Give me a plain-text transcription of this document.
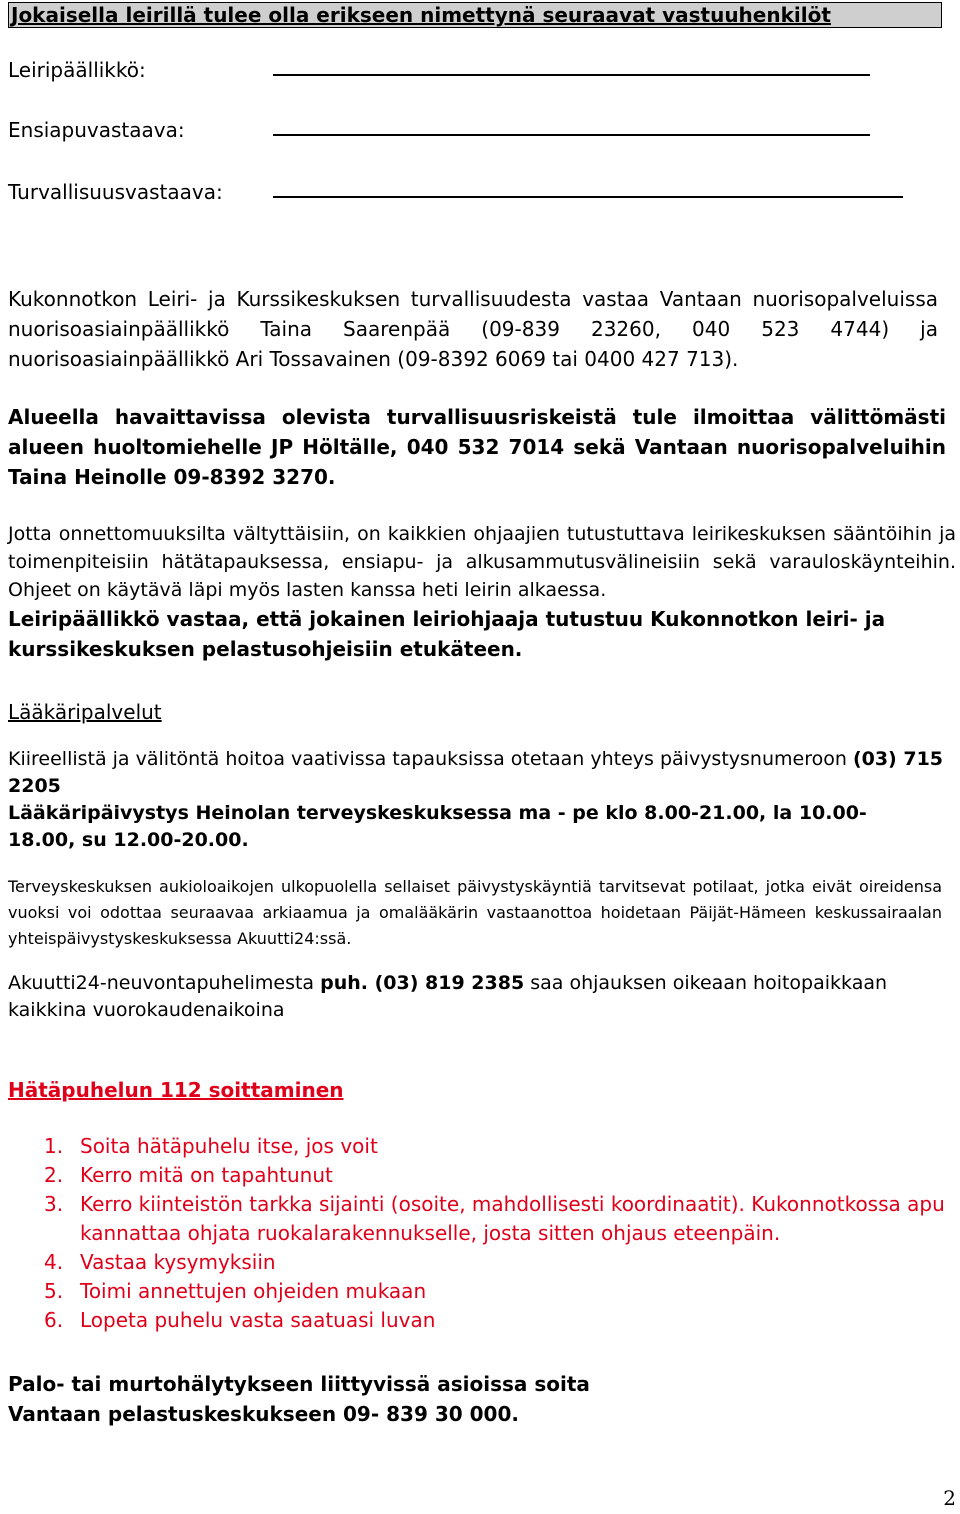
Jokaisella leirillä tulee olla erikseen nimettynä seuraavat vastuuhenkilöt
Leiripäällikkö:
Ensiapuvastaava:
Turvallisuusvastaava:

Kukonnotkon Leiri- ja Kurssikeskuksen turvallisuudesta vastaa Vantaan nuorisopalveluissa nuorisoasiainpäällikkö Taina Saarenpää (09-839 23260, 040 523 4744) ja nuorisoasiainpäällikkö Ari Tossavainen (09-8392 6069 tai 0400 427 713).

Alueella havaittavissa olevista turvallisuusriskeistä tule ilmoittaa välittömästi alueen huoltomiehelle JP Höltälle, 040 532 7014 sekä Vantaan nuorisopalveluihin Taina Heinolle 09-8392 3270.

Jotta onnettomuuksilta vältyttäisiin, on kaikkien ohjaajien tutustuttava leirikeskuksen sääntöihin ja toimenpiteisiin hätätapauksessa, ensiapu- ja alkusammutusvälineisiin sekä varauloskäynteihin. Ohjeet on käytävä läpi myös lasten kanssa heti leirin alkaessa.

Leiripäällikkö vastaa, että jokainen leiriohjaaja tutustuu Kukonnotkon leiri- ja kurssikeskuksen pelastusohjeisiin etukäteen.

Lääkäripalvelut

Kiireellistä ja välitöntä hoitoa vaativissa tapauksissa otetaan yhteys päivystysnumeroon (03) 715 2205

Lääkäripäivystys Heinolan terveyskeskuksessa ma - pe klo 8.00-21.00, la 10.00-18.00, su 12.00-20.00.

Terveyskeskuksen aukioloaikojen ulkopuolella sellaiset päivystyskäyntiä tarvitsevat potilaat, jotka eivät oireidensa vuoksi voi odottaa seuraavaa arkiaamua ja omalääkärin vastaanottoa hoidetaan Päijät-Hämeen keskussairaalan yhteispäivystyskeskuksessa Akuutti24:ssä.

Akuutti24-neuvontapuhelimesta puh. (03) 819 2385 saa ohjauksen oikeaan hoitopaikkaan kaikkina vuorokaudenaikoina

Hätäpuhelun 112 soittaminen
1. Soita hätäpuhelu itse, jos voit
2. Kerro mitä on tapahtunut
3. Kerro kiinteistön tarkka sijainti (osoite, mahdollisesti koordinaatit). Kukonnotkossa apu kannattaa ohjata ruokalarakennukselle, josta sitten ohjaus eteenpäin.
4. Vastaa kysymyksiin
5. Toimi annettujen ohjeiden mukaan
6. Lopeta puhelu vasta saatuasi luvan

Palo- tai murtohälytykseen liittyvissä asioissa soita

Vantaan pelastuskeskukseen 09- 839 30 000.

2
